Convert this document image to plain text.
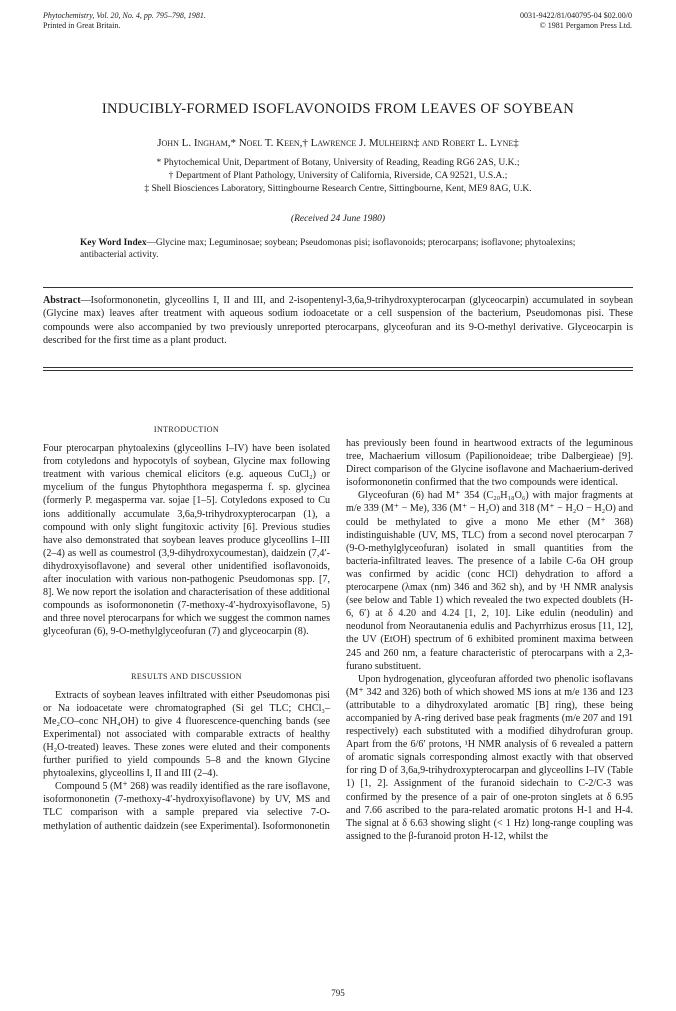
Phytochemistry, Vol. 20, No. 4, pp. 795–798, 1981.
Printed in Great Britain.
0031-9422/81/040795-04 $02.00/0
© 1981 Pergamon Press Ltd.
INDUCIBLY-FORMED ISOFLAVONOIDS FROM LEAVES OF SOYBEAN
John L. Ingham,* Noel T. Keen,† Lawrence J. Mulheirn‡ and Robert L. Lyne‡
* Phytochemical Unit, Department of Botany, University of Reading, Reading RG6 2AS, U.K.;
† Department of Plant Pathology, University of California, Riverside, CA 92521, U.S.A.;
‡ Shell Biosciences Laboratory, Sittingbourne Research Centre, Sittingbourne, Kent, ME9 8AG, U.K.
(Received 24 June 1980)
Key Word Index—Glycine max; Leguminosae; soybean; Pseudomonas pisi; isoflavonoids; pterocarpans; isoflavone; phytoalexins; antibacterial activity.
Abstract—Isoformononetin, glyceollins I, II and III, and 2-isopentenyl-3,6a,9-trihydroxypterocarpan (glyceocarpin) accumulated in soybean (Glycine max) leaves after treatment with aqueous sodium iodoacetate or a cell suspension of the bacterium, Pseudomonas pisi. These compounds were also accompanied by two previously unreported pterocarpans, glyceofuran and its 9-O-methyl derivative. Glyceocarpin is described for the first time as a plant product.
INTRODUCTION

Four pterocarpan phytoalexins (glyceollins I–IV) have been isolated from cotyledons and hypocotyls of soybean, Glycine max following treatment with various chemical elicitors (e.g. aqueous CuCl₂) or mycelium of the fungus Phytophthora megasperma f. sp. glycinea (formerly P. megasperma var. sojae [1–5]. Cotyledons exposed to Cu ions additionally accumulate 3,6a,9-trihydroxypterocarpan (1), a compound with only slight fungitoxic activity [6]. Previous studies have also demonstrated that soybean leaves produce glyceollins I–III (2–4) as well as coumestrol (3,9-dihydroxycoumestan), daidzein (7,4′-dihydroxyisoflavone) and several other unidentified isoflavonoids, after inoculation with various non-pathogenic Pseudomonas spp. [7, 8]. We now report the isolation and characterisation of these additional compounds as isoformononetin (7-methoxy-4′-hydroxyisoflavone, 5) and three novel pterocarpans for which we suggest the common names glyceofuran (6), 9-O-methylglyceofuran (7) and glyceocarpin (8).

RESULTS AND DISCUSSION

Extracts of soybean leaves infiltrated with either Pseudomonas pisi or Na iodoacetate were chromatographed (Si gel TLC; CHCl₃–Me₂CO–conc NH₄OH) to give 4 fluorescence-quenching bands (see Experimental) not associated with comparable extracts of healthy (H₂O-treated) leaves. These zones were eluted and their components further purified to yield compounds 5–8 and the known Glycine phytoalexins, glyceollins I, II and III (2–4).

Compound 5 (M⁺ 268) was readily identified as the rare isoflavone, isoformononetin (7-methoxy-4′-hydroxyisoflavone) by UV, MS and TLC comparison with a sample prepared via selective 7-O-methylation of authentic daidzein (see Experimental). Isoformononetin

has previously been found in heartwood extracts of the leguminous tree, Machaerium villosum (Papilionoideae; tribe Dalbergieae) [9]. Direct comparison of the Glycine isoflavone and Machaerium-derived isoformononetin confirmed that the two compounds were identical.

Glyceofuran (6) had M⁺ 354 (C₂₀H₁₈O₆) with major fragments at m/e 339 (M⁺ − Me), 336 (M⁺ − H₂O) and 318 (M⁺ − H₂O − H₂O) and could be methylated to give a mono Me ether (M⁺ 368) indistinguishable (UV, MS, TLC) from a second novel pterocarpan 7 (9-O-methylglyceofuran) isolated in small quantities from the bacteria-infiltrated leaves. The presence of a labile C-6a OH group was confirmed by acidic (conc HCl) dehydration to afford a pterocarpene (λmax (nm) 346 and 362 sh), and by ¹H NMR analysis (see below and Table 1) which revealed the two expected doublets (H-6, 6′) at δ 4.20 and 4.24 [1, 2, 10]. Like edulin (neodulin) and neodunol from Neorautanenia edulis and Pachyrrhizus erosus [11, 12], the UV (EtOH) spectrum of 6 exhibited prominent maxima between 245 and 260 nm, a feature characteristic of pterocarpans with a 2,3-furano substituent.

Upon hydrogenation, glyceofuran afforded two phenolic isoflavans (M⁺ 342 and 326) both of which showed MS ions at m/e 136 and 123 (attributable to a dihydroxylated aromatic [B] ring), these being accompanied by A-ring derived base peak fragments (m/e 207 and 191 respectively) each substituted with a modified dihydrofuran group. Apart from the 6/6′ protons, ¹H NMR analysis of 6 revealed a pattern of aromatic signals corresponding almost exactly with that observed for ring D of 3,6a,9-trihydroxypterocarpan and glyceollins I–IV (Table 1) [1, 2]. Assignment of the furanoid sidechain to C-2/C-3 was confirmed by the presence of a pair of one-proton singlets at δ 6.95 and 7.66 ascribed to the para-related aromatic protons H-1 and H-4. The signal at δ 6.63 showing slight (< 1 Hz) long-range coupling was assigned to the β-furanoid proton H-12, whilst the

795
